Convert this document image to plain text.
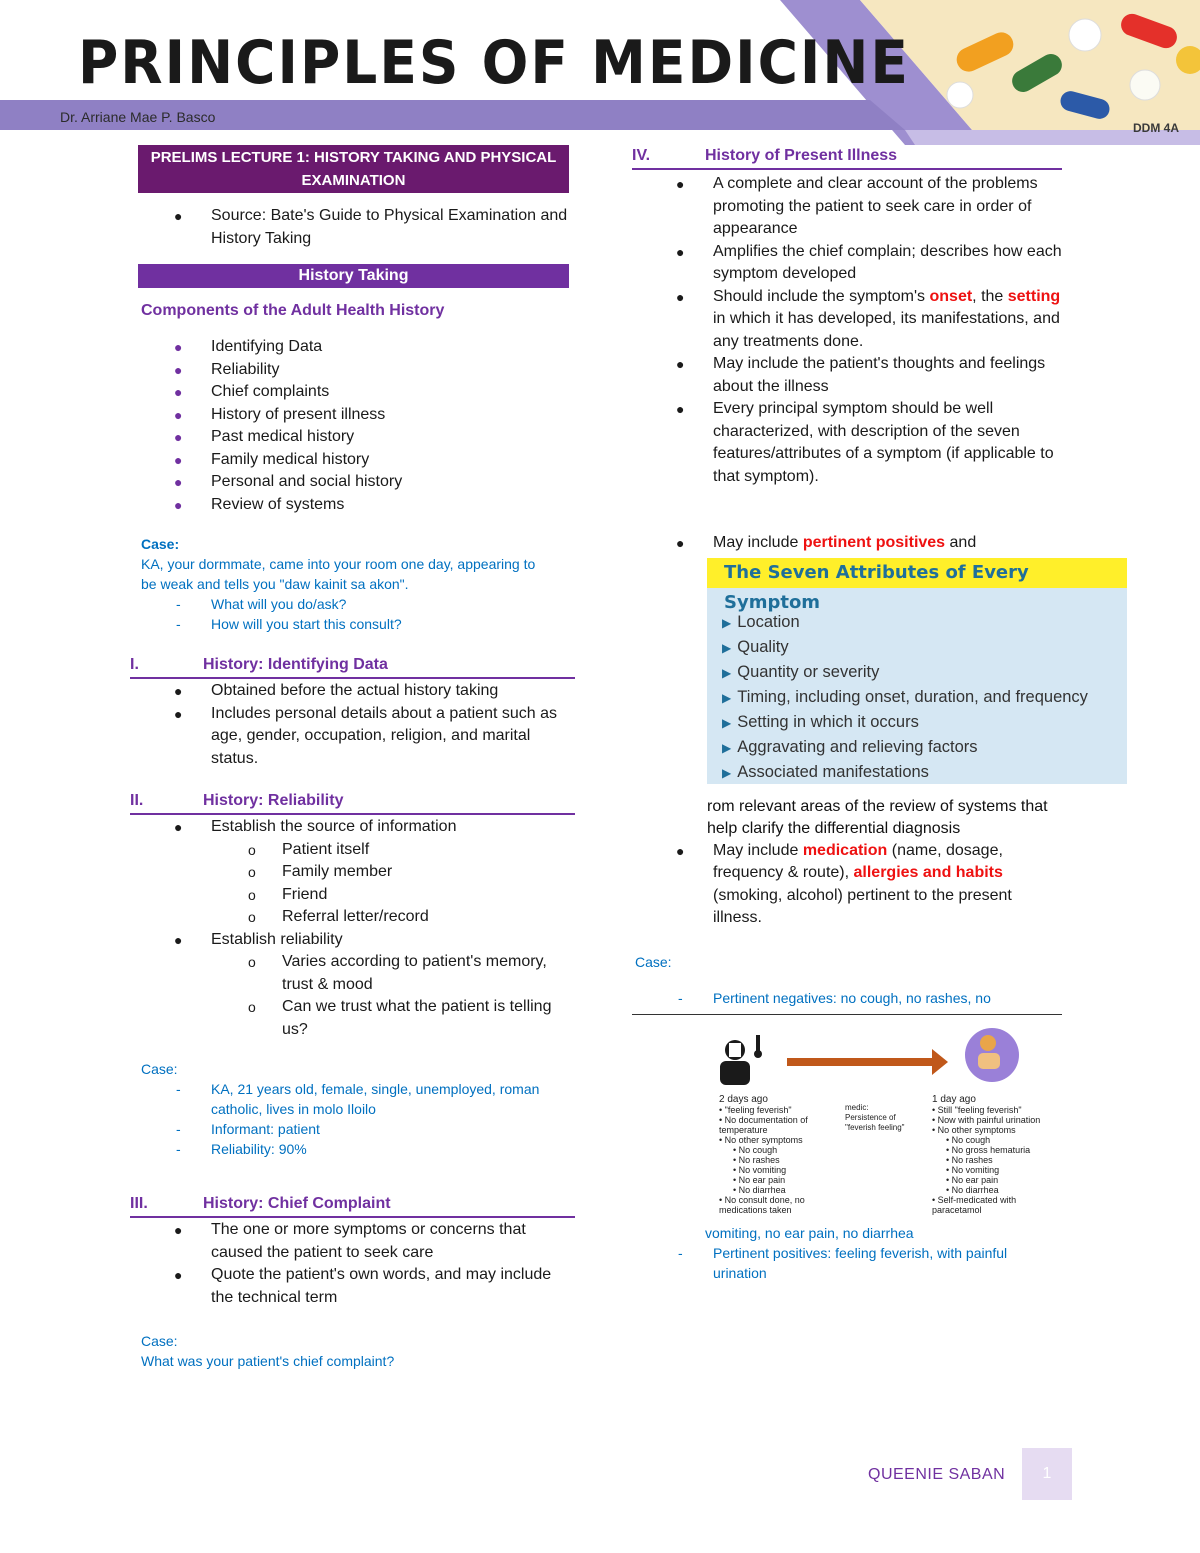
PRINCIPLES OF MEDICINE
Dr. Arriane Mae P. Basco
DDM 4A
PRELIMS LECTURE 1: HISTORY TAKING AND PHYSICAL EXAMINATION
● Source: Bate's Guide to Physical Examination and History Taking
History Taking
Components of the Adult Health History
● Identifying Data
● Reliability
● Chief complaints
● History of present illness
● Past medical history
● Family medical history
● Personal and social history
● Review of systems
Case:
KA, your dormmate, came into your room one day, appearing to be weak and tells you "daw kainit sa akon".
- What will you do/ask?
- How will you start this consult?
I.	History: Identifying Data
● Obtained before the actual history taking
● Includes personal details about a patient such as age, gender, occupation, religion, and marital status.
II.	History: Reliability
● Establish the source of information
o Patient itself
o Family member
o Friend
o Referral letter/record
● Establish reliability
o Varies according to patient's memory, trust & mood
o Can we trust what the patient is telling us?
Case:
- KA, 21 years old, female, single, unemployed, roman catholic, lives in molo Iloilo
- Informant: patient
- Reliability: 90%
III.	History: Chief Complaint
● The one or more symptoms or concerns that caused the patient to seek care
● Quote the patient's own words, and may include the technical term
Case:
What was your patient's chief complaint?
IV.	History of Present Illness
● A complete and clear account of the problems promoting the patient to seek care in order of appearance
● Amplifies the chief complain; describes how each symptom developed
● Should include the symptom's onset, the setting in which it has developed, its manifestations, and any treatments done.
● May include the patient's thoughts and feelings about the illness
● Every principal symptom should be well characterized, with description of the seven features/attributes of a symptom (if applicable to that symptom).
● May include pertinent positives and
The Seven Attributes of Every Symptom
▶ Location
▶ Quality
▶ Quantity or severity
▶ Timing, including onset, duration, and frequency
▶ Setting in which it occurs
▶ Aggravating and relieving factors
▶ Associated manifestations
rom relevant areas of the review of systems that help clarify the differential diagnosis
● May include medication (name, dosage, frequency & route), allergies and habits (smoking, alcohol) pertinent to the present illness.
Case:
- Pertinent negatives: no cough, no rashes, no
2 days ago
• "feeling feverish"
• No documentation of temperature
• No other symptoms
• No cough
• No rashes
• No vomiting
• No ear pain
• No diarrhea
• No consult done, no medications taken
medic: Persistence of "feverish feeling"
1 day ago
• Still "feeling feverish"
• Now with painful urination
• No other symptoms
• No cough
• No gross hematuria
• No rashes
• No vomiting
• No ear pain
• No diarrhea
• Self-medicated with paracetamol
vomiting, no ear pain, no diarrhea
- Pertinent positives: feeling feverish, with painful urination
QUEENIE SABAN	1
